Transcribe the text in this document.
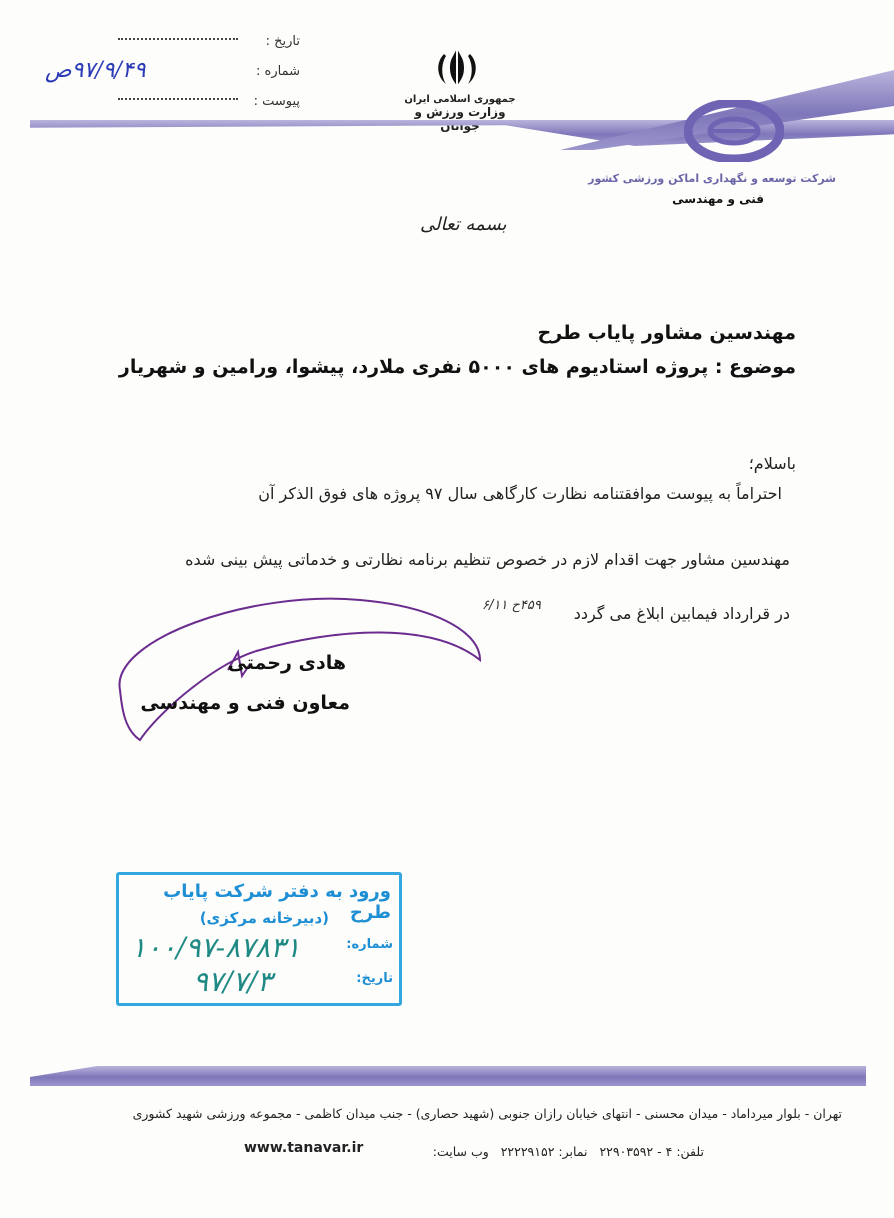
تاریخ :
شماره :
۹۷/۹/۴۹ص
پیوست :	جمهوری اسلامی ایران
وزارت ورزش و جوانان
شرکت توسعه و نگهداری اماکن ورزشی کشور
فنی و مهندسی
بسمه تعالی
مهندسین مشاور پایاب طرح
موضوع : پروژه استادیوم های ۵۰۰۰ نفری ملارد، پیشوا، ورامین و شهریار
باسلام؛
احتراماً به پیوست موافقتنامه نظارت کارگاهی سال ۹۷ پروژه های فوق الذکر آن
مهندسین مشاور جهت اقدام لازم در خصوص تنظیم برنامه نظارتی و خدماتی پیش بینی شده
در قرارداد فیمابین ابلاغ می گردد
۴۵۹ح ۶/۱۱
هادی رحمتی
معاون فنی و مهندسی
ورود به دفتر شرکت پایاب طرح
(دبیرخانه مرکزی)
شماره:
۱۰۰/۹۷-۸۷۸۳۱
تاریخ:
۹۷/۷/۳
تهران - بلوار میرداماد - میدان محسنی - انتهای خیابان رازان جنوبی (شهید حصاری) - جنب میدان کاظمی - مجموعه ورزشی شهید کشوری
تلفن: ۴ - ۲۲۹۰۳۵۹۲   نمابر: ۲۲۲۲۹۱۵۲   وب سایت:
www.tanavar.ir
